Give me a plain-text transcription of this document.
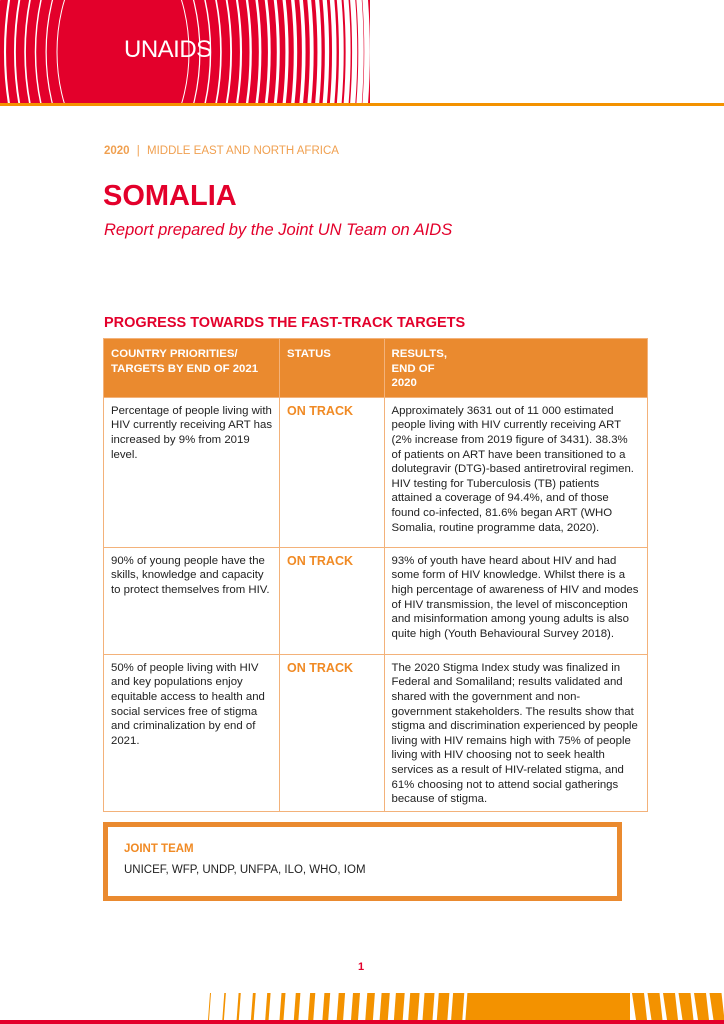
UNAIDS
2020 | MIDDLE EAST AND NORTH AFRICA
SOMALIA
Report prepared by the Joint UN Team on AIDS
PROGRESS TOWARDS THE FAST-TRACK TARGETS
COUNTRY PRIORITIES/ TARGETS BY END OF 2021	STATUS	RESULTS, END OF 2020
Percentage of people living with HIV currently receiving ART has increased by 9% from 2019 level.	ON TRACK	Approximately 3631 out of 11 000 estimated people living with HIV currently receiving ART (2% increase from 2019 figure of 3431). 38.3% of patients on ART have been transitioned to a dolutegravir (DTG)-based antiretroviral regimen. HIV testing for Tuberculosis (TB) patients attained a coverage of 94.4%, and of those found co-infected, 81.6% began ART (WHO Somalia, routine programme data, 2020).
90% of young people have the skills, knowledge and capacity to protect themselves from HIV.	ON TRACK	93% of youth have heard about HIV and had some form of HIV knowledge. Whilst there is a high percentage of awareness of HIV and modes of HIV transmission, the level of misconception and misinformation among young adults is also quite high (Youth Behavioural Survey 2018).
50% of people living with HIV and key populations enjoy equitable access to health and social services free of stigma and criminalization by end of 2021.	ON TRACK	The 2020 Stigma Index study was finalized in Federal and Somaliland; results validated and shared with the government and non-government stakeholders. The results show that stigma and discrimination experienced by people living with HIV remains high with 75% of people living with HIV choosing not to seek health services as a result of HIV-related stigma, and 61% choosing not to attend social gatherings because of stigma.
JOINT TEAM
UNICEF, WFP, UNDP, UNFPA, ILO, WHO, IOM
1
